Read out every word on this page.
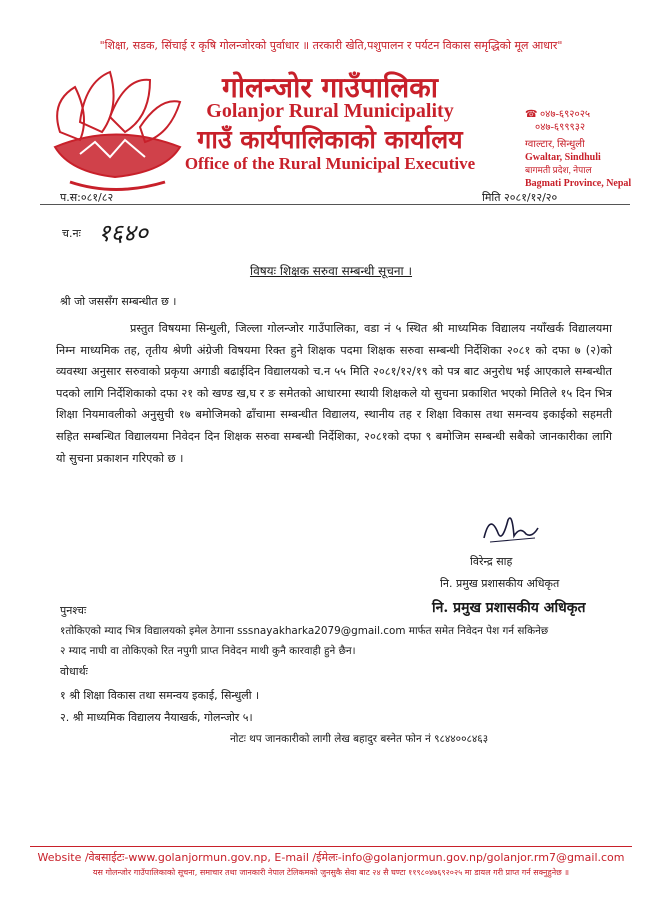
"शिक्षा, सडक, सिंचाई र कृषि गोलन्जोरको पुर्वाधार ॥ तरकारी खेति,पशुपालन र पर्यटन विकास समृद्धिको मूल आधार"
गोलन्जोर गाउँपालिका
Golanjor Rural Municipality
गाउँ कार्यपालिकाको कार्यालय
Office of the Rural Municipal Executive
☎ ०४७-६९२०२५
०४७-६९९९३२
ग्वाल्टार, सिन्धुली
Gwaltar, Sindhuli
बागमती प्रदेश, नेपाल
Bagmati Province, Nepal
प.स:०८१/८२	मिति २०८१/१२/२०
च.नः १६४०
विषयः शिक्षक सरुवा सम्बन्धी सूचना ।
श्री जो जससँग सम्बन्धीत छ ।
प्रस्तुत विषयमा सिन्धुली, जिल्ला गोलन्जोर गाउँपालिका, वडा नं ५ स्थित श्री माध्यमिक विद्यालय नयाँखर्क विद्यालयमा निम्न माध्यमिक तह, तृतीय श्रेणी अंग्रेजी विषयमा रिक्त हुने शिक्षक पदमा शिक्षक सरुवा सम्बन्धी निर्देशिका २०८१ को दफा ७ (२)को व्यवस्था अनुसार सरुवाको प्रकृया अगाडी बढाईदिन विद्यालयको च.न ५५ मिति २०८१/१२/१९ को पत्र बाट अनुरोध भई आएकाले सम्बन्धीत पदको लागि निर्देशिकाको दफा २१ को खण्ड ख,घ र ङ समेतको आधारमा स्थायी शिक्षकले यो सुचना प्रकाशित भएको मितिले १५ दिन भित्र शिक्षा नियमावलीको अनुसुची १७ बमोजिमको ढाँचामा सम्बन्धीत विद्यालय, स्थानीय तह र शिक्षा विकास तथा समन्वय इकाईको सहमती सहित सम्बन्धित विद्यालयमा निवेदन दिन शिक्षक सरुवा सम्बन्धी निर्देशिका, २०८१को दफा ९ बमोजिम सम्बन्धी सबैको जानकारीका लागि यो सुचना प्रकाशन गरिएको छ ।
विरेन्द्र साह
नि. प्रमुख प्रशासकीय अधिकृत
नि. प्रमुख प्रशासकीय अधिकृत
पुनश्चः
१तोकिएको म्याद भित्र विद्यालयको इमेल ठेगाना sssnayakharka2079@gmail.com मार्फत समेत निवेदन पेश गर्न सकिनेछ
२ म्याद नाघी वा तोकिएको रित नपुगी प्राप्त निवेदन माथी कुनै कारवाही हुने छैन।
वोधार्थः
१ श्री शिक्षा विकास तथा समन्वय इकाई, सिन्धुली ।
२. श्री माध्यमिक विद्यालय नैयाखर्क, गोलन्जोर ५।
नोटः थप जानकारीको लागी लेख बहादुर बस्नेत फोन नं ९८४४००८४६३
Website /वेबसाईटः-www.golanjormun.gov.np, E-mail /ईमेलः-info@golanjormun.gov.np/golanjor.rm7@gmail.com
यस गोलन्जोर गाउँपालिकाको सूचना, समाचार तथा जानकारी नेपाल टेलिकमको जुनसुकै सेवा बाट २४ सै घण्टा ११९८०४७६९२०२५ मा डायल गरी प्राप्त गर्न सक्नुहुनेछ ॥
